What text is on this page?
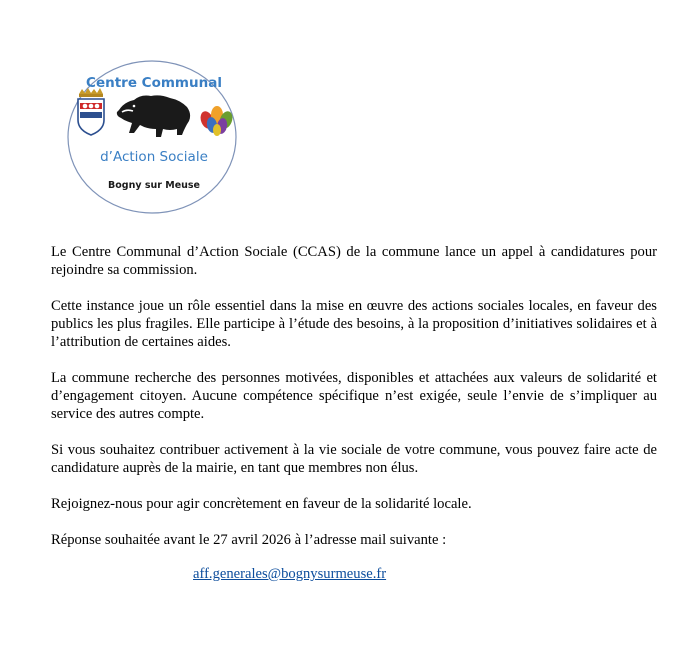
Centre Communal
d’Action Sociale
Bogny sur Meuse

Le Centre Communal d’Action Sociale (CCAS) de la commune lance un appel à candidatures pour rejoindre sa commission.

Cette instance joue un rôle essentiel dans la mise en œuvre des actions sociales locales, en faveur des publics les plus fragiles. Elle participe à l’étude des besoins, à la proposition d’initiatives solidaires et à l’attribution de certaines aides.

La commune recherche des personnes motivées, disponibles et attachées aux valeurs de solidarité et d’engagement citoyen. Aucune compétence spécifique n’est exigée, seule l’envie de s’impliquer au service des autres compte.

Si vous souhaitez contribuer activement à la vie sociale de votre commune, vous pouvez faire acte de candidature auprès de la mairie, en tant que membres non élus.

Rejoignez-nous pour agir concrètement en faveur de la solidarité locale.

Réponse souhaitée avant le 27 avril 2026 à l’adresse mail suivante :

aff.generales@bognysurmeuse.fr
